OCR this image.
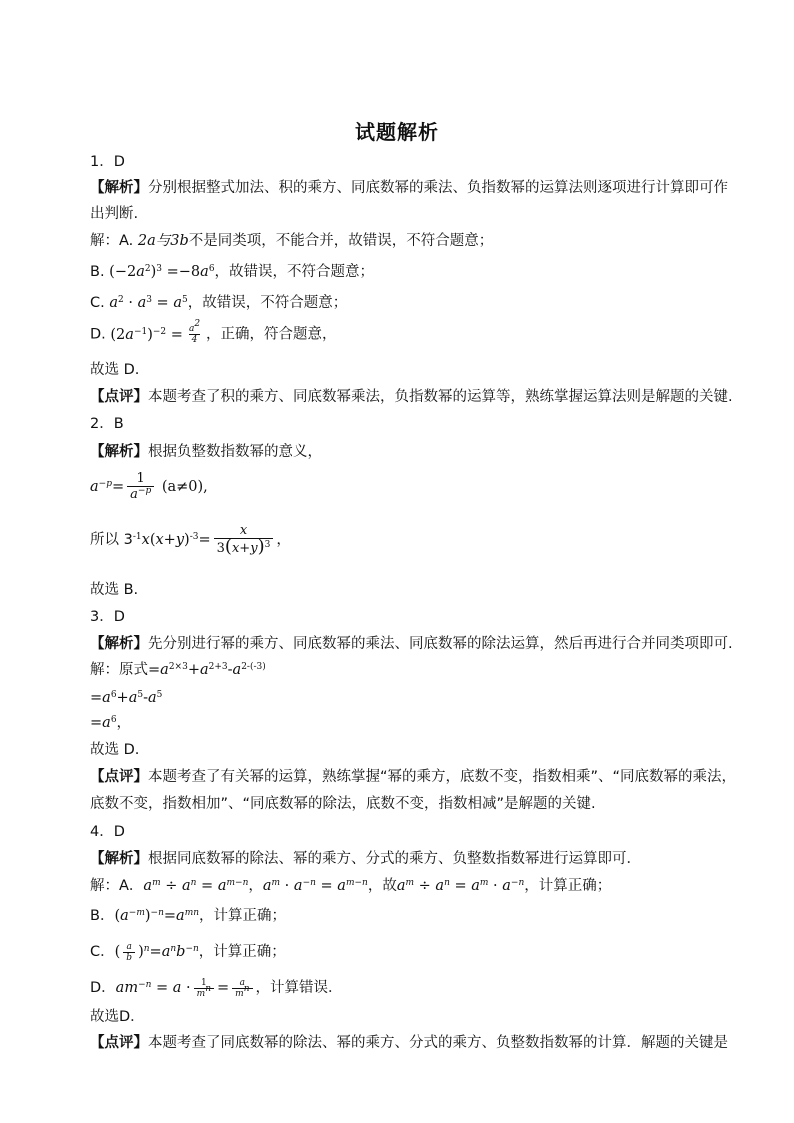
试题解析
1．D
【解析】分别根据整式加法、积的乘方、同底数幂的乘法、负指数幂的运算法则逐项进行计算即可作
出判断.
解：A. 2a与3b不是同类项，不能合并，故错误，不符合题意；
B. $(-2a^2)^3 =-8a^6$，故错误，不符合题意；
C. $a^2 \cdot a^3 = a^5$，故错误，不符合题意；
D. $(2a^{-1})^{-2} = \frac{a^2}{4}$ ，正确，符合题意，
故选 D.
【点评】本题考查了积的乘方、同底数幂乘法，负指数幂的运算等，熟练掌握运算法则是解题的关键.
2．B
【解析】根据负整数指数幂的意义，
$a^{-p}= \frac{1}{a^{-p}} (a\ne 0)$,
所以 $3^{-1}x(x+y)^{-3}= \frac{x}{3(x+y)^3}$ ，
故选 B.
3．D
【解析】先分别进行幂的乘方、同底数幂的乘法、同底数幂的除法运算，然后再进行合并同类项即可.
解：原式$=a^{2\times 3}+a^{2+3}-a^{2-(-3)}$
$=a^6+a^5-a^5$
$=a^6$，
故选 D.
【点评】本题考查了有关幂的运算，熟练掌握“幂的乘方，底数不变，指数相乘”、“同底数幂的乘法，
底数不变，指数相加”、“同底数幂的除法，底数不变，指数相减”是解题的关键.
4．D
【解析】根据同底数幂的除法、幂的乘方、分式的乘方、负整数指数幂进行运算即可．
解：A．$a^m \div a^n = a^{m-n}$，$a^m \cdot a^{-n} = a^{m-n}$，故$a^m \div a^n = a^m \cdot a^{-n}$，计算正确；
B．$(a^{-m})^{-n}=a^{mn}$，计算正确；
C．( $\frac{a}{b} )^n=a^nb^{-n}$，计算正确；
D．$am^{-n} = a \cdot \frac{1}{m^n} = \frac{a}{m^n}$ ，计算错误．
故选D．
【点评】本题考查了同底数幂的除法、幂的乘方、分式的乘方、负整数指数幂的计算．解题的关键是
